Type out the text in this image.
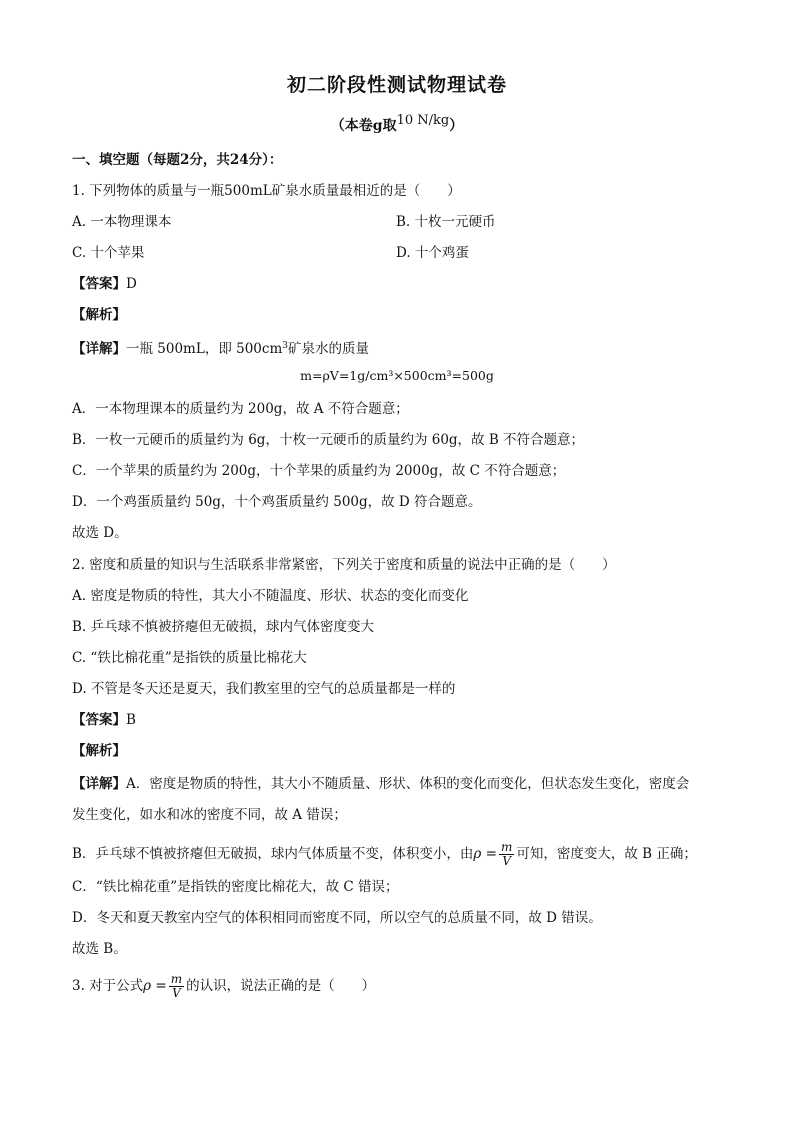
初二阶段性测试物理试卷
（本卷g取$^{10 N/kg}$）
一、填空题（每题2分，共24分）：
1. 下列物体的质量与一瓶500mL矿泉水质量最相近的是（　　）
A. 一本物理课本	B. 十枚一元硬币
C. 十个苹果	D. 十个鸡蛋
【答案】D
【解析】
【详解】一瓶 500mL，即 $500cm^3$矿泉水的质量
m=ρV=1g/cm³×500cm³=500g
A．一本物理课本的质量约为 200g，故 A 不符合题意；
B．一枚一元硬币的质量约为 6g，十枚一元硬币的质量约为 60g，故 B 不符合题意；
C．一个苹果的质量约为 200g，十个苹果的质量约为 2000g，故 C 不符合题意；
D．一个鸡蛋质量约 50g，十个鸡蛋质量约 500g，故 D 符合题意。
故选 D。
2. 密度和质量的知识与生活联系非常紧密，下列关于密度和质量的说法中正确的是（　　）
A. 密度是物质的特性，其大小不随温度、形状、状态的变化而变化
B. 乒乓球不慎被挤瘪但无破损，球内气体密度变大
C. “铁比棉花重”是指铁的质量比棉花大
D. 不管是冬天还是夏天，我们教室里的空气的总质量都是一样的
【答案】B
【解析】
【详解】A．密度是物质的特性，其大小不随质量、形状、体积的变化而变化，但状态发生变化，密度会
发生变化，如水和冰的密度不同，故 A 错误；
B．乒乓球不慎被挤瘪但无破损，球内气体质量不变，体积变小，由$\rho = \frac{m}{V}$ 可知，密度变大，故 B 正确；
C．“铁比棉花重”是指铁的密度比棉花大，故 C 错误；
D．冬天和夏天教室内空气的体积相同而密度不同，所以空气的总质量不同，故 D 错误。
故选 B。
3. 对于公式$\rho = \frac{m}{V}$ 的认识，说法正确的是（　　）
